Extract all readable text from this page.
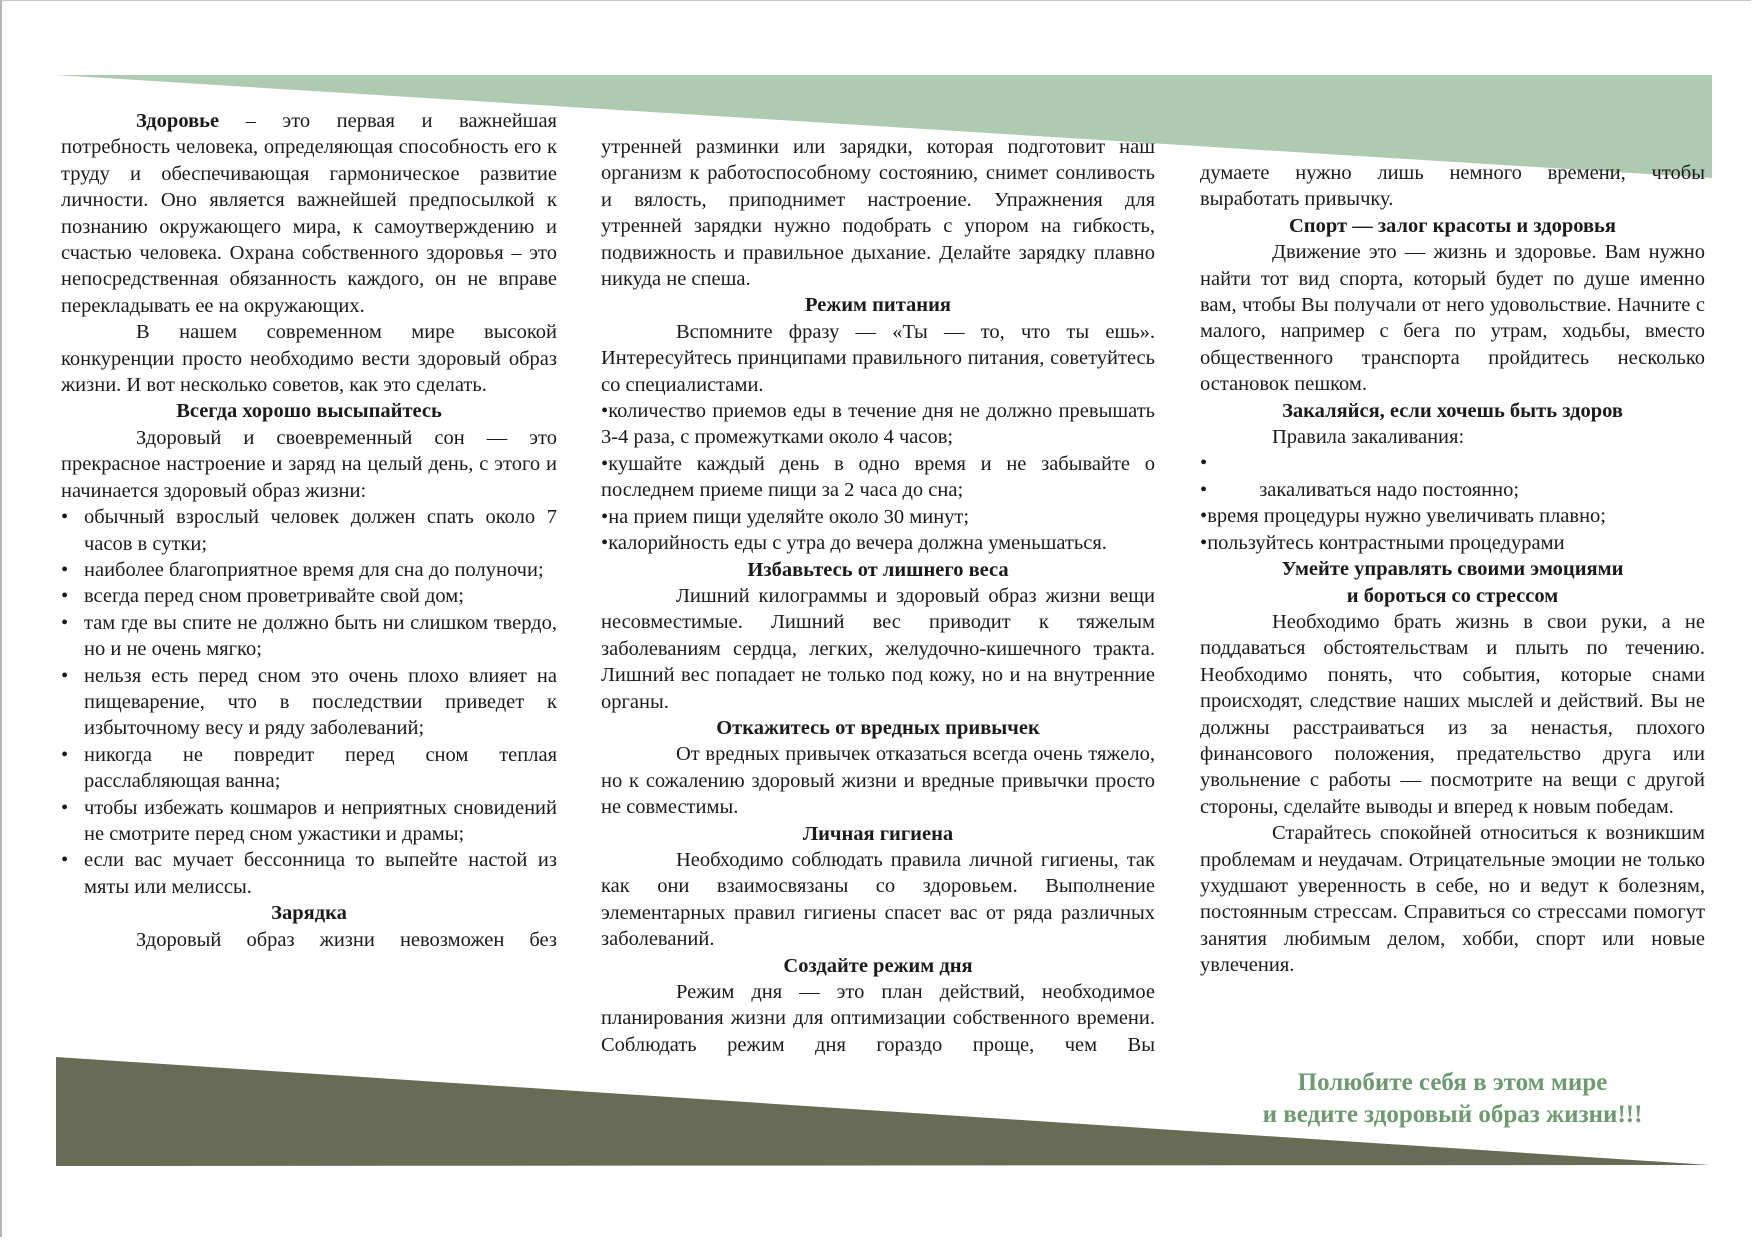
Здоровье – это первая и важнейшая потребность человека, определяющая способность его к труду и обеспечивающая гармоническое развитие личности. Оно является важнейшей предпосылкой к познанию окружающего мира, к самоутверждению и счастью человека. Охрана собственного здоровья – это непосредственная обязанность каждого, он не вправе перекладывать ее на окружающих.

В нашем современном мире высокой конкуренции просто необходимо вести здоровый образ жизни. И вот несколько советов, как это сделать.

Всегда хорошо высыпайтесь

Здоровый и своевременный сон — это прекрасное настроение и заряд на целый день, с этого и начинается здоровый образ жизни:

• обычный взрослый человек должен спать около 7 часов в сутки;
• наиболее благоприятное время для сна до полуночи;
• всегда перед сном проветривайте свой дом;
• там где вы спите не должно быть ни слишком твердо, но и не очень мягко;
• нельзя есть перед сном это очень плохо влияет на пищеварение, что в последствии приведет к избыточному весу и ряду заболеваний;
• никогда не повредит перед сном теплая расслабляющая ванна;
• чтобы избежать кошмаров и неприятных сновидений не смотрите перед сном ужастики и драмы;
• если вас мучает бессонница то выпейте настой из мяты или мелиссы.

Зарядка

Здоровый образ жизни невозможен без

утренней разминки или зарядки, которая подготовит наш организм к работоспособному состоянию, снимет сонливость и вялость, приподнимет настроение. Упражнения для утренней зарядки нужно подобрать с упором на гибкость, подвижность и правильное дыхание. Делайте зарядку плавно никуда не спеша.

Режим питания

Вспомните фразу — «Ты — то, что ты ешь». Интересуйтесь принципами правильного питания, советуйтесь со специалистами.

•количество приемов еды в течение дня не должно превышать 3-4 раза, с промежутками около 4 часов;

•кушайте каждый день в одно время и не забывайте о последнем приеме пищи за 2 часа до сна;

•на прием пищи уделяйте около 30 минут;

•калорийность еды с утра до вечера должна уменьшаться.

Избавьтесь от лишнего веса

Лишний килограммы и здоровый образ жизни вещи несовместимые. Лишний вес приводит к тяжелым заболеваниям сердца, легких, желудочно-кишечного тракта. Лишний вес попадает не только под кожу, но и на внутренние органы.

Откажитесь от вредных привычек

От вредных привычек отказаться всегда очень тяжело, но к сожалению здоровый жизни и вредные привычки просто не совместимы.

Личная гигиена

Необходимо соблюдать правила личной гигиены, так как они взаимосвязаны со здоровьем. Выполнение элементарных правил гигиены спасет вас от ряда различных заболеваний.

Создайте режим дня

Режим дня — это план действий, необходимое планирования жизни для оптимизации собственного времени. Соблюдать режим дня гораздо проще, чем Вы

думаете нужно лишь немного времени, чтобы выработать привычку.

Спорт — залог красоты и здоровья

Движение это — жизнь и здоровье. Вам нужно найти тот вид спорта, который будет по душе именно вам, чтобы Вы получали от него удовольствие. Начните с малого, например с бега по утрам, ходьбы, вместо общественного транспорта пройдитесь несколько остановок пешком.

Закаляйся, если хочешь быть здоров

Правила закаливания:

•

•	закаливаться надо постоянно;

•время процедуры нужно увеличивать плавно;

•пользуйтесь контрастными процедурами

Умейте управлять своими эмоциями

и бороться со стрессом

Необходимо брать жизнь в свои руки, а не поддаваться обстоятельствам и плыть по течению. Необходимо понять, что события, которые снами происходят, следствие наших мыслей и действий. Вы не должны расстраиваться из за ненастья, плохого финансового положения, предательство друга или увольнение с работы — посмотрите на вещи с другой стороны, сделайте выводы и вперед к новым победам.

Старайтесь спокойней относиться к возникшим проблемам и неудачам. Отрицательные эмоции не только ухудшают уверенность в себе, но и ведут к болезням, постоянным стрессам. Справиться со стрессами помогут занятия любимым делом, хобби, спорт или новые увлечения.

Полюбите себя в этом мире
и ведите здоровый образ жизни!!!
